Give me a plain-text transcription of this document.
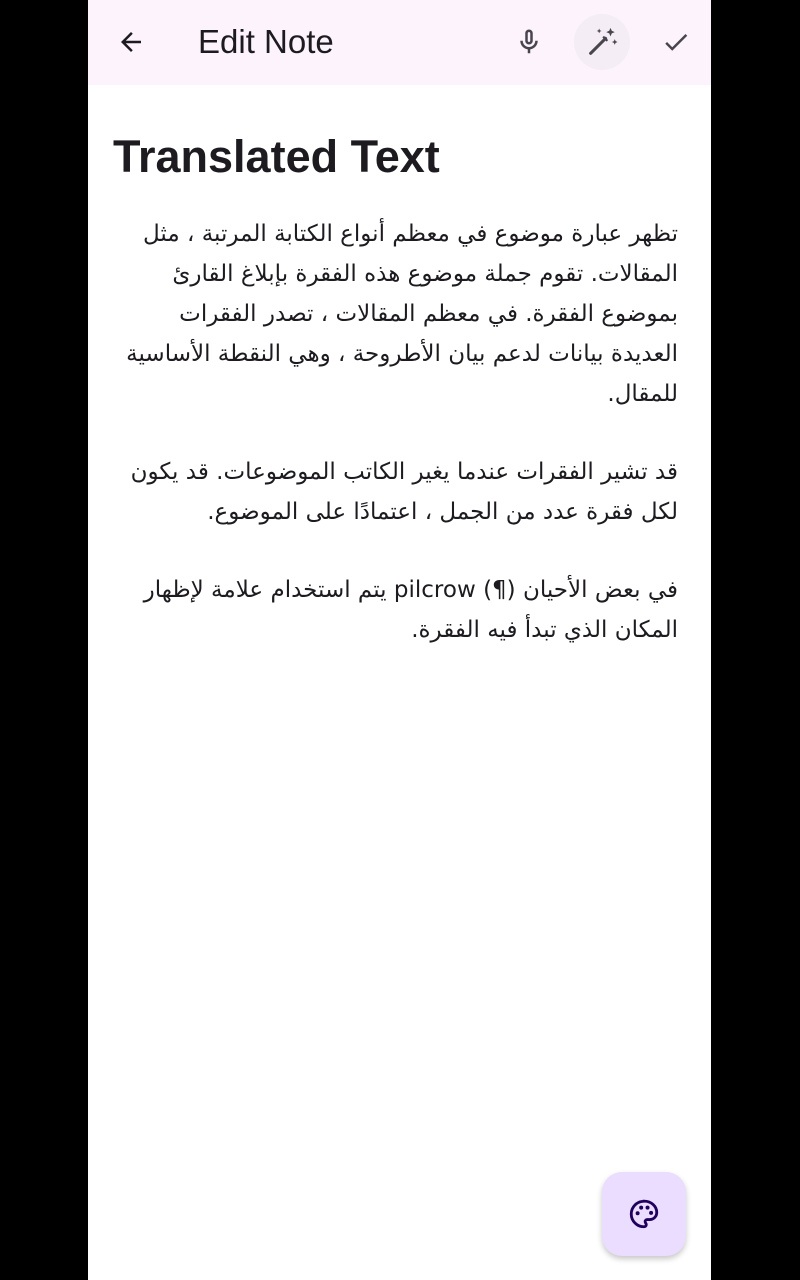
Edit Note
Translated Text

تظهر عبارة موضوع في معظم أنواع الكتابة المرتبة ، مثل المقالات. تقوم جملة موضوع هذه الفقرة بإبلاغ القارئ بموضوع الفقرة. في معظم المقالات ، تصدر الفقرات العديدة بيانات لدعم بيان الأطروحة ، وهي النقطة الأساسية للمقال.

قد تشير الفقرات عندما يغير الكاتب الموضوعات. قد يكون لكل فقرة عدد من الجمل ، اعتمادًا على الموضوع.

في بعض الأحيان (¶) pilcrow يتم استخدام علامة لإظهار المكان الذي تبدأ فيه الفقرة.
